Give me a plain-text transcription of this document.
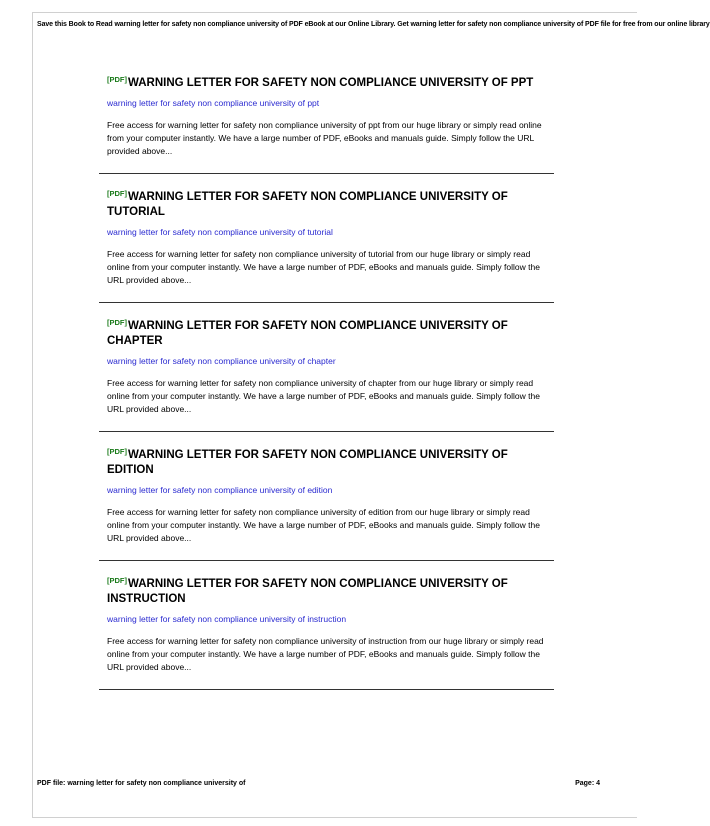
Save this Book to Read warning letter for safety non compliance university of PDF eBook at our Online Library. Get warning letter for safety non compliance university of PDF file for free from our online library
[PDF]WARNING LETTER FOR SAFETY NON COMPLIANCE UNIVERSITY OF PPT
warning letter for safety non compliance university of ppt

Free access for warning letter for safety non compliance university of ppt from our huge library or simply read online from your computer instantly. We have a large number of PDF, eBooks and manuals guide. Simply follow the URL provided above...

[PDF]WARNING LETTER FOR SAFETY NON COMPLIANCE UNIVERSITY OF TUTORIAL
warning letter for safety non compliance university of tutorial

Free access for warning letter for safety non compliance university of tutorial from our huge library or simply read online from your computer instantly. We have a large number of PDF, eBooks and manuals guide. Simply follow the URL provided above...

[PDF]WARNING LETTER FOR SAFETY NON COMPLIANCE UNIVERSITY OF CHAPTER
warning letter for safety non compliance university of chapter

Free access for warning letter for safety non compliance university of chapter from our huge library or simply read online from your computer instantly. We have a large number of PDF, eBooks and manuals guide. Simply follow the URL provided above...

[PDF]WARNING LETTER FOR SAFETY NON COMPLIANCE UNIVERSITY OF EDITION
warning letter for safety non compliance university of edition

Free access for warning letter for safety non compliance university of edition from our huge library or simply read online from your computer instantly. We have a large number of PDF, eBooks and manuals guide. Simply follow the URL provided above...

[PDF]WARNING LETTER FOR SAFETY NON COMPLIANCE UNIVERSITY OF INSTRUCTION
warning letter for safety non compliance university of instruction

Free access for warning letter for safety non compliance university of instruction from our huge library or simply read online from your computer instantly. We have a large number of PDF, eBooks and manuals guide. Simply follow the URL provided above...

PDF file: warning letter for safety non compliance university of	Page: 4
